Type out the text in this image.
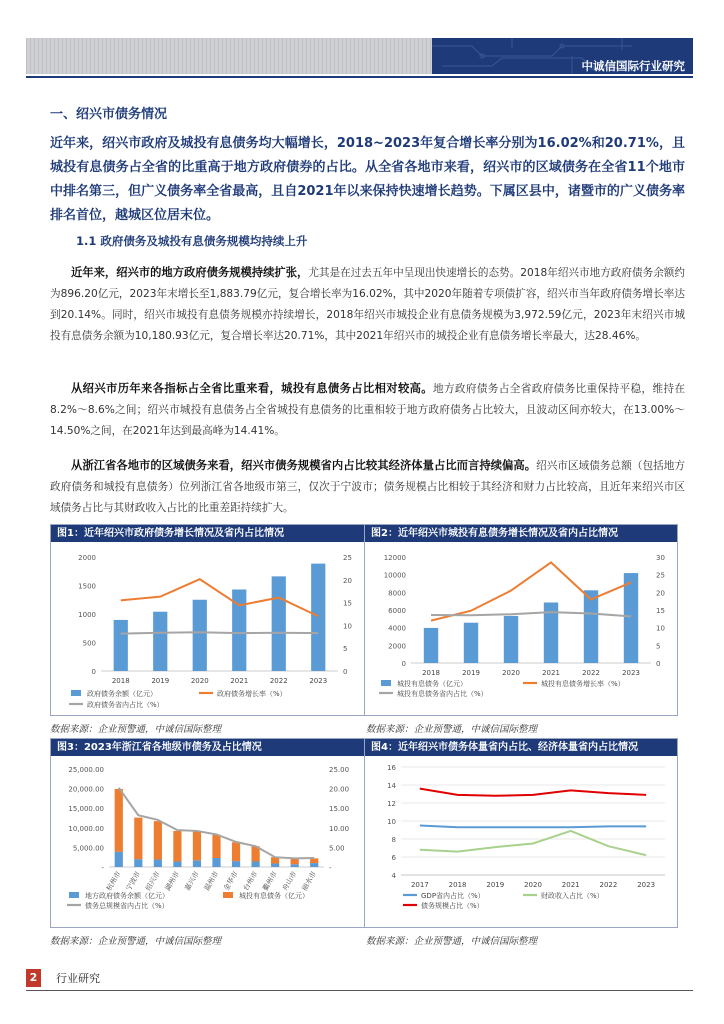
中诚信国际行业研究
一、绍兴市债务情况
近年来，绍兴市政府及城投有息债务均大幅增长，2018~2023年复合增长率分别为16.02%和20.71%，且城投有息债务占全省的比重高于地方政府债券的占比。从全省各地市来看，绍兴市的区域债务在全省11个地市中排名第三，但广义债务率全省最高，且自2021年以来保持快速增长趋势。下属区县中，诸暨市的广义债务率排名首位，越城区位居末位。
1.1 政府债务及城投有息债务规模均持续上升
近年来，绍兴市的地方政府债务规模持续扩张，尤其是在过去五年中呈现出快速增长的态势。2018年绍兴市地方政府债务余额约为896.20亿元，2023年末增长至1,883.79亿元，复合增长率为16.02%，其中2020年随着专项债扩容，绍兴市当年政府债务增长率达到20.14%。同时，绍兴市城投有息债务规模亦持续增长，2018年绍兴市城投企业有息债务规模为3,972.59亿元，2023年末绍兴市城投有息债务余额为10,180.93亿元，复合增长率达20.71%，其中2021年绍兴市的城投企业有息债务增长率最大，达28.46%。
从绍兴市历年来各指标占全省比重来看，城投有息债务占比相对较高。地方政府债务占全省政府债务比重保持平稳，维持在8.2%～8.6%之间；绍兴市城投有息债务占全省城投有息债务的比重相较于地方政府债务占比较大，且波动区间亦较大，在13.00%～14.50%之间，在2021年达到最高峰为14.41%。
从浙江省各地市的区域债务来看，绍兴市债务规模省内占比较其经济体量占比而言持续偏高。绍兴市区域债务总额（包括地方政府债务和城投有息债务）位列浙江省各地级市第三，仅次于宁波市；债务规模占比相较于其经济和财力占比较高，且近年来绍兴市区域债务占比与其财政收入占比的比重差距持续扩大。
图1：近年绍兴市政府债务增长情况及省内占比情况
0
500
1000
1500
2000
0
5
10
15
20
25
2018	2019	2020	2021	2022	2023
政府债务余额（亿元）	政府债务增长率（%）
政府债务省内占比（%）
数据来源：企业预警通，中诚信国际整理
图2：近年绍兴市城投有息债务增长情况及省内占比情况
0
2000
4000
6000
8000
10000
12000
0
5
10
15
20
25
30
2018	2019	2020	2021	2022	2023
城投有息债务（亿元）	城投有息债务增长率（%）
城投有息债务省内占比（%）
数据来源：企业预警通，中诚信国际整理
图3：2023年浙江省各地级市债务及占比情况
-
5,000.00
10,000.00
15,000.00
20,000.00
25,000.00
-
5.00
10.00
15.00
20.00
25.00
杭州市 宁波市 绍兴市 湖州市 嘉兴市 温州市 金华市 台州市 衢州市 舟山市 丽水市
地方政府债务余额（亿元）	城投有息债务（亿元）
债务总规模省内占比（%）
数据来源：企业预警通，中诚信国际整理
图4：近年绍兴市债务体量省内占比、经济体量省内占比情况
4
6
8
10
12
14
16
2017	2018	2019	2020	2021	2022	2023
GDP省内占比（%）	财政收入占比（%）
债务规模占比（%）
数据来源：企业预警通，中诚信国际整理
2	行业研究
